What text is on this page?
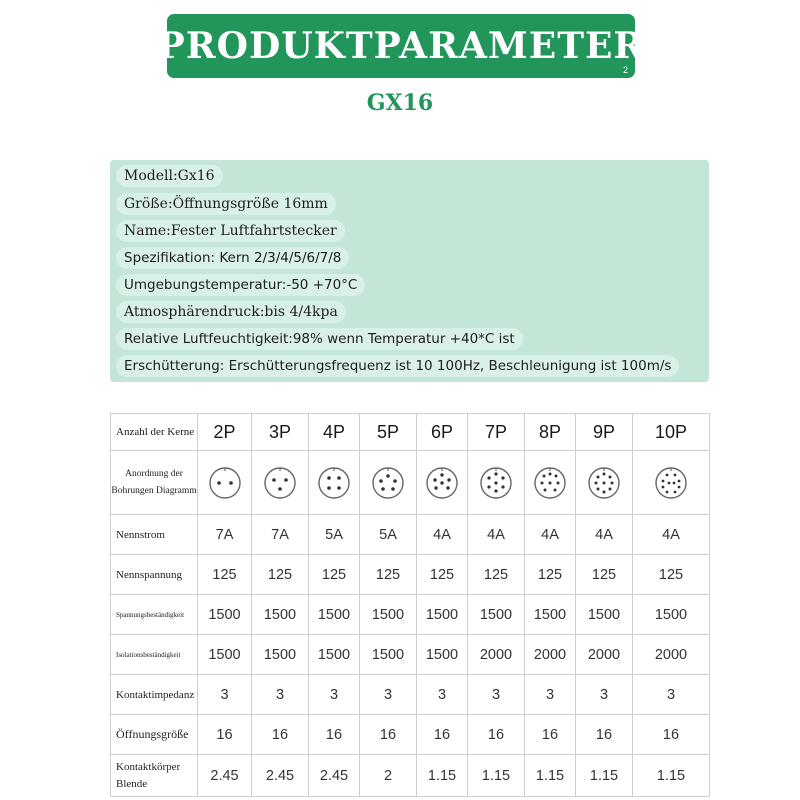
PRODUKTPARAMETER
2
GX16
Modell:Gx16
Größe:Öffnungsgröße 16mm
Name:Fester Luftfahrtstecker
Spezifikation: Kern 2/3/4/5/6/7/8
Umgebungstemperatur:-50 +70°C
Atmosphärendruck:bis 4/4kpa
Relative Luftfeuchtigkeit:98% wenn Temperatur +40*C ist
Erschütterung: Erschütterungsfrequenz ist 10 100Hz, Beschleunigung ist 100m/s
Anzahl der Kerne	2P	3P	4P	5P	6P	7P	8P	9P	10P
Anordnung der Bohrungen Diagramm	

Nennstrom	7A	7A	5A	5A	4A	4A	4A	4A	4A
Nennspannung	125	125	125	125	125	125	125	125	125
Spannungsbeständigkeit	1500	1500	1500	1500	1500	1500	1500	1500	1500
Isolationsbeständigkeit	1500	1500	1500	1500	1500	2000	2000	2000	2000
Kontaktimpedanz	3	3	3	3	3	3	3	3	3
Öffnungsgröße	16	16	16	16	16	16	16	16	16
Kontaktkörper Blende	2.45	2.45	2.45	2	1.15	1.15	1.15	1.15	1.15
